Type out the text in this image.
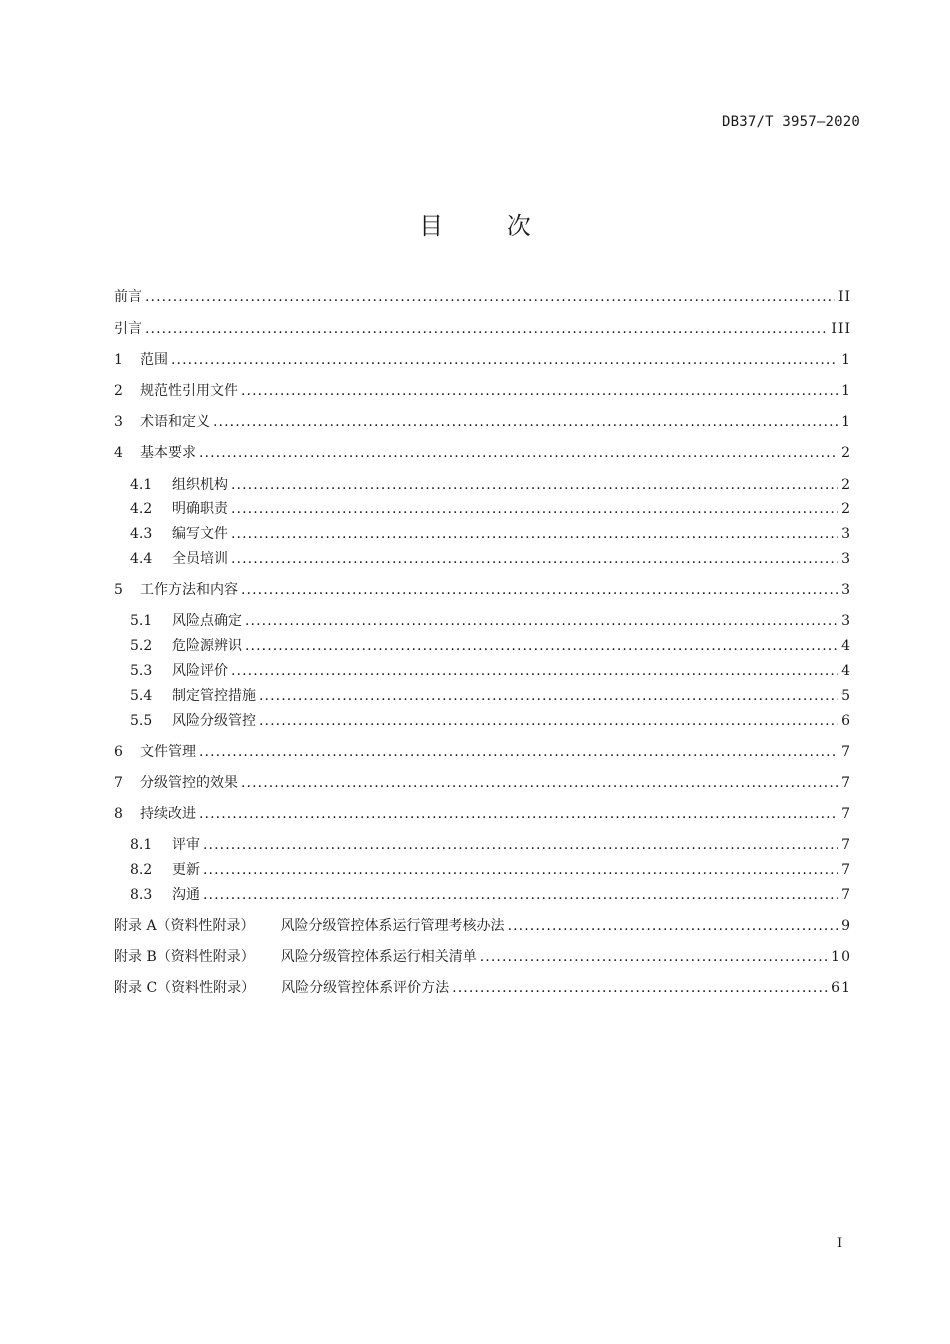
DB37/T 3957—2020
目 次
前言 .....	II
引言 .....	III
1	范围 .....	1
2	规范性引用文件 .....	1
3	术语和定义 .....	1
4	基本要求 .....	2
4.1	组织机构 .....	2
4.2	明确职责 .....	2
4.3	编写文件 .....	3
4.4	全员培训 .....	3
5	工作方法和内容 .....	3
5.1	风险点确定 .....	3
5.2	危险源辨识 .....	4
5.3	风险评价 .....	4
5.4	制定管控措施 .....	5
5.5	风险分级管控 .....	6
6	文件管理 .....	7
7	分级管控的效果 .....	7
8	持续改进 .....	7
8.1	评审 .....	7
8.2	更新 .....	7
8.3	沟通 .....	7
附录 A（资料性附录） 风险分级管控体系运行管理考核办法 .....	9
附录 B（资料性附录） 风险分级管控体系运行相关清单 .....	10
附录 C（资料性附录） 风险分级管控体系评价方法 .....	61
I
